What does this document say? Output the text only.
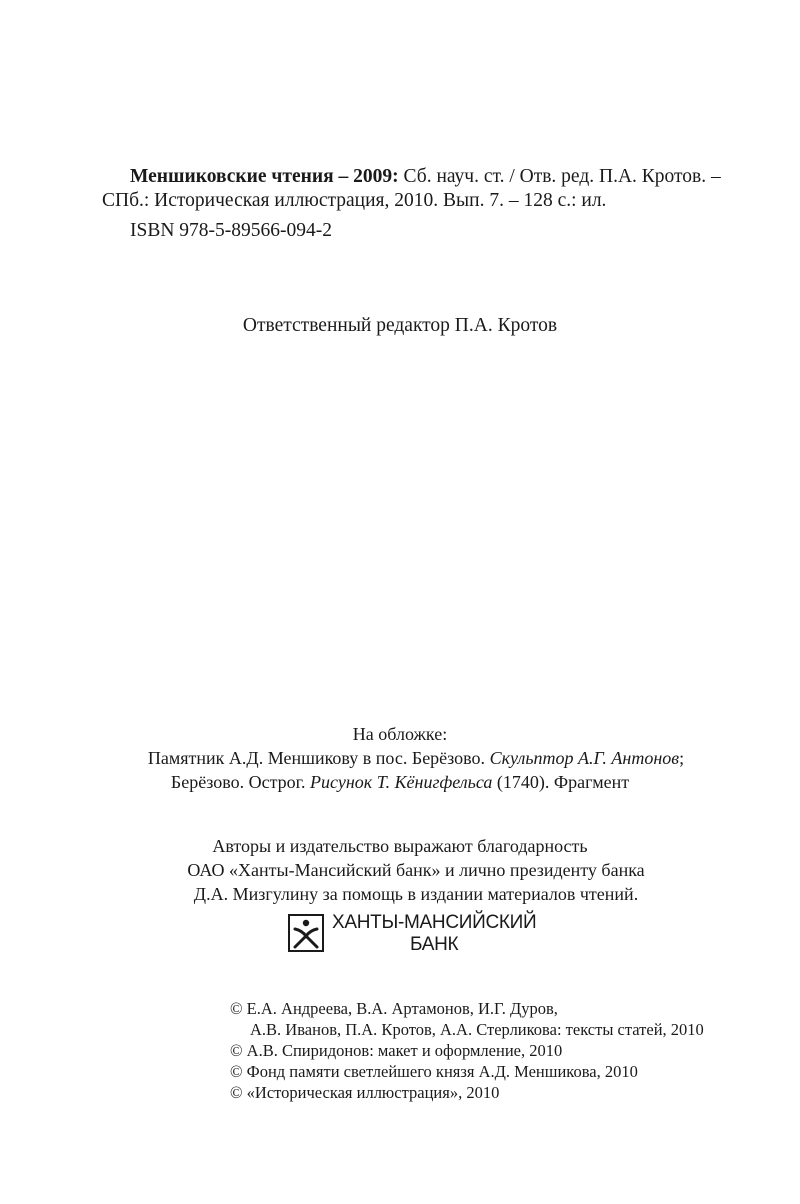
Меншиковские чтения – 2009: Сб. науч. ст. / Отв. ред. П.А. Кротов. –
СПб.: Историческая иллюстрация, 2010. Вып. 7. – 128 с.: ил.
ISBN 978-5-89566-094-2
Ответственный редактор П.А. Кротов
На обложке:
Памятник А.Д. Меншикову в пос. Берёзово. Скульптор А.Г. Антонов;
Берёзово. Острог. Рисунок Т. Кёнигфельса (1740). Фрагмент
Авторы и издательство выражают благодарность
ОАО «Ханты-Мансийский банк» и лично президенту банка
Д.А. Мизгулину за помощь в издании материалов чтений.
ХАНТЫ-МАНСИЙСКИЙ
БАНК
© Е.А. Андреева, В.А. Артамонов, И.Г. Дуров,
А.В. Иванов, П.А. Кротов, А.А. Стерликова: тексты статей, 2010
© А.В. Спиридонов: макет и оформление, 2010
© Фонд памяти светлейшего князя А.Д. Меншикова, 2010
© «Историческая иллюстрация», 2010
